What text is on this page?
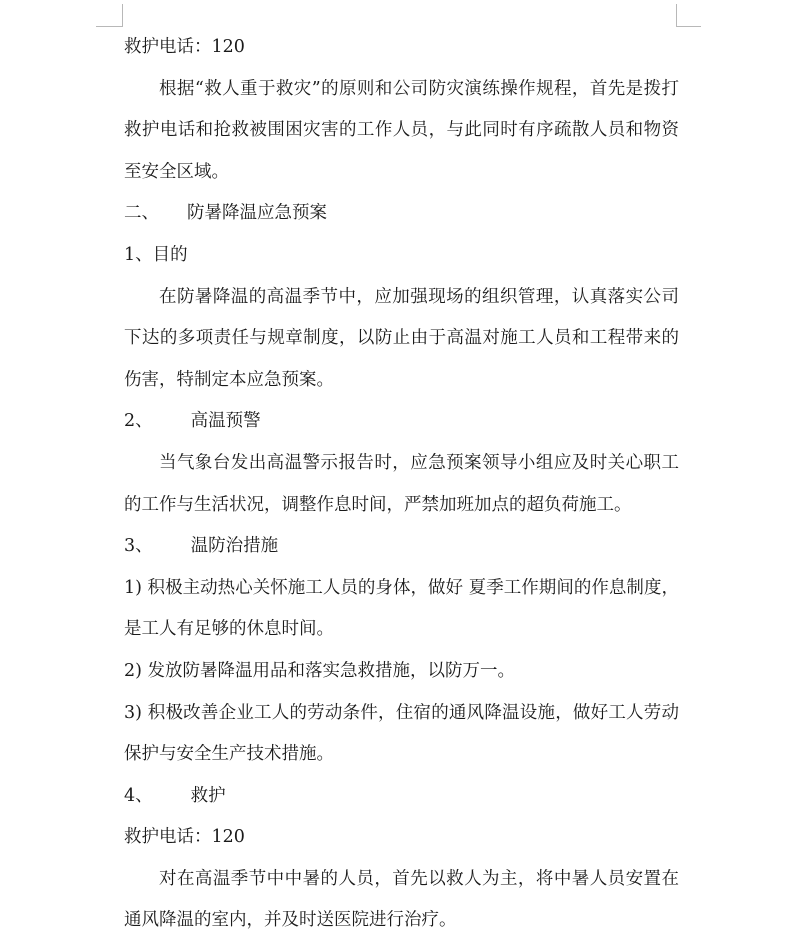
救护电话：120
根据“救人重于救灾”的原则和公司防灾演练操作规程，首先是拨打救护电话和抢救被围困灾害的工作人员，与此同时有序疏散人员和物资至安全区域。
二、 防暑降温应急预案
1、目的
在防暑降温的高温季节中，应加强现场的组织管理，认真落实公司下达的多项责任与规章制度，以防止由于高温对施工人员和工程带来的伤害，特制定本应急预案。
2、 高温预警
当气象台发出高温警示报告时，应急预案领导小组应及时关心职工的工作与生活状况，调整作息时间，严禁加班加点的超负荷施工。
3、 温防治措施
1) 积极主动热心关怀施工人员的身体，做好 夏季工作期间的作息制度，是工人有足够的休息时间。
2) 发放防暑降温用品和落实急救措施，以防万一。
3) 积极改善企业工人的劳动条件，住宿的通风降温设施，做好工人劳动保护与安全生产技术措施。
4、 救护
救护电话：120
对在高温季节中中暑的人员，首先以救人为主，将中暑人员安置在通风降温的室内，并及时送医院进行治疗。
